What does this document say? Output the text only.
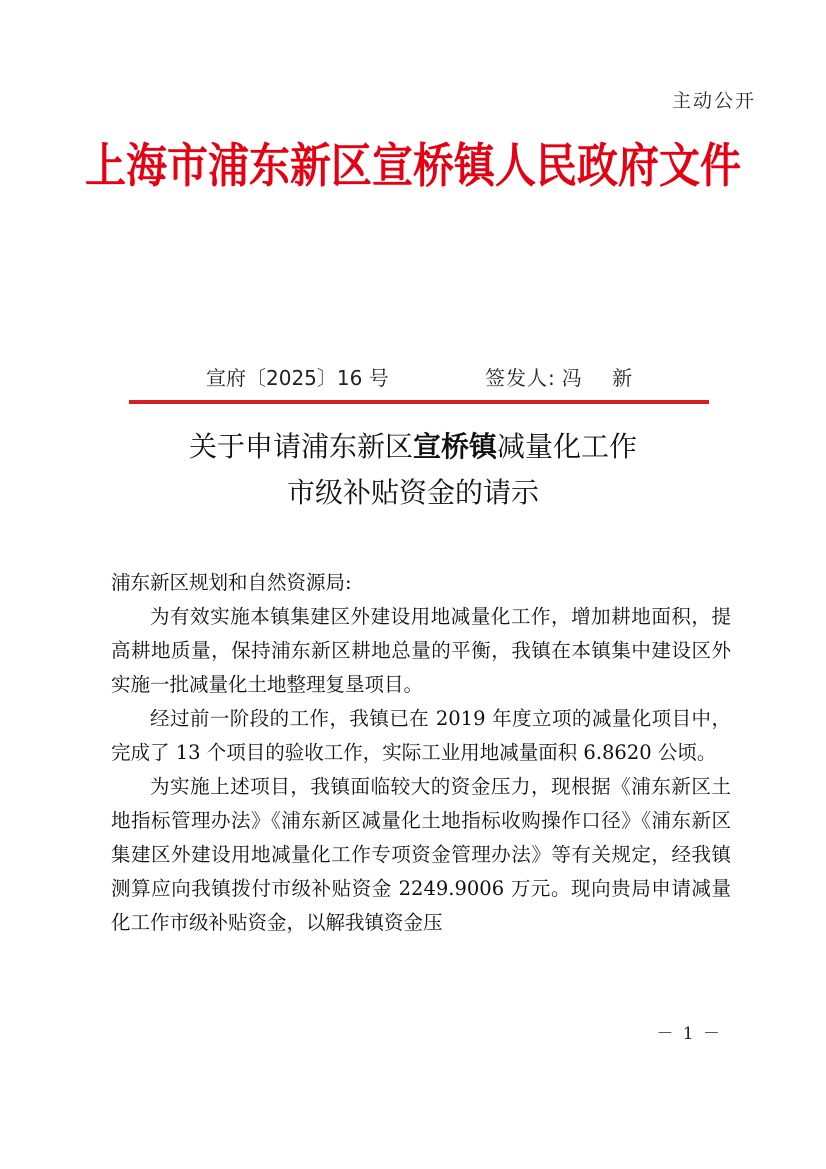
主动公开
上海市浦东新区宣桥镇人民政府文件
宣府〔2025〕16 号	签发人: 冯 新
关于申请浦东新区宣桥镇减量化工作
市级补贴资金的请示

浦东新区规划和自然资源局:

为有效实施本镇集建区外建设用地减量化工作，增加耕地面积，提高耕地质量，保持浦东新区耕地总量的平衡，我镇在本镇集中建设区外实施一批减量化土地整理复垦项目。

经过前一阶段的工作，我镇已在 2019 年度立项的减量化项目中，完成了 13 个项目的验收工作，实际工业用地减量面积 6.8620 公顷。

为实施上述项目，我镇面临较大的资金压力，现根据《浦东新区土地指标管理办法》《浦东新区减量化土地指标收购操作口径》《浦东新区集建区外建设用地减量化工作专项资金管理办法》等有关规定，经我镇测算应向我镇拨付市级补贴资金 2249.9006 万元。现向贵局申请减量化工作市级补贴资金，以解我镇资金压

－ 1 －
